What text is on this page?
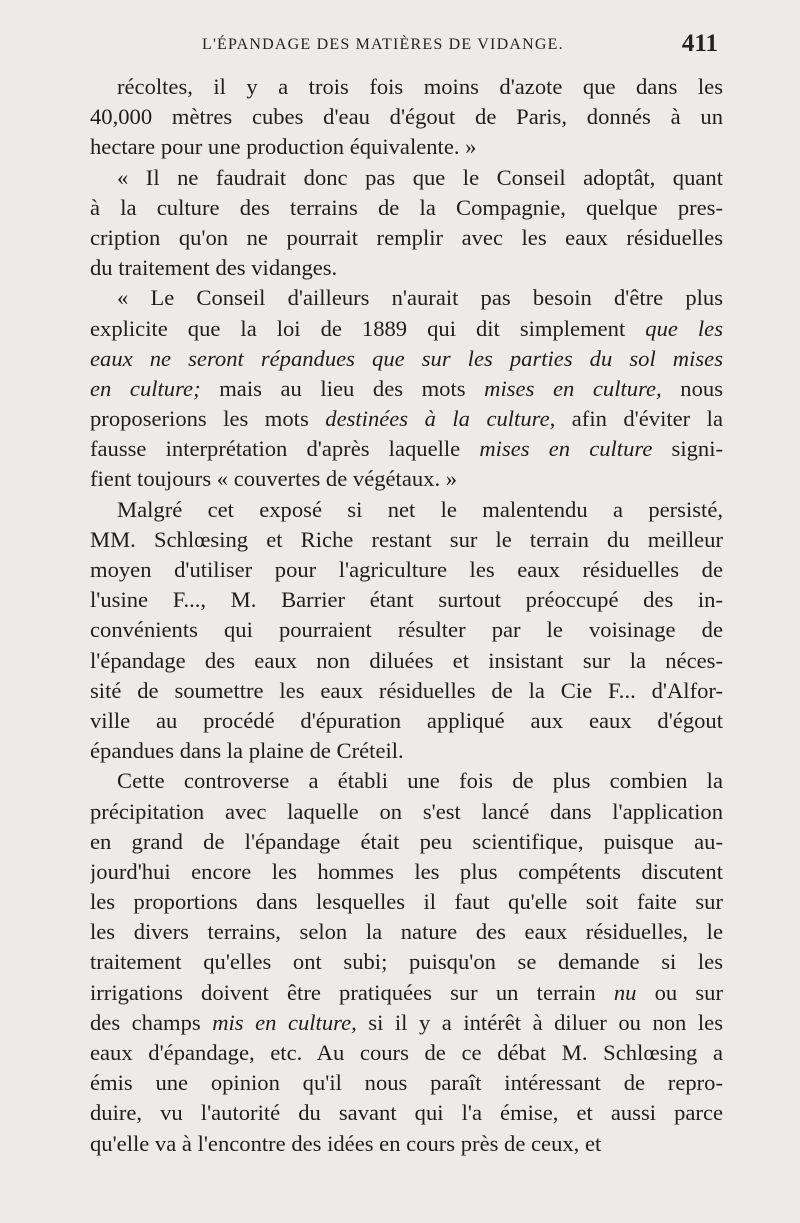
L'ÉPANDAGE DES MATIÈRES DE VIDANGE.	411
récoltes, il y a trois fois moins d'azote que dans les
40,000 mètres cubes d'eau d'égout de Paris, donnés à un
hectare pour une production équivalente. »
« Il ne faudrait donc pas que le Conseil adoptât, quant
à la culture des terrains de la Compagnie, quelque pres-
cription qu'on ne pourrait remplir avec les eaux résiduelles
du traitement des vidanges.
« Le Conseil d'ailleurs n'aurait pas besoin d'être plus
explicite que la loi de 1889 qui dit simplement que les
eaux ne seront répandues que sur les parties du sol mises
en culture; mais au lieu des mots mises en culture, nous
proposerions les mots destinées à la culture, afin d'éviter la
fausse interprétation d'après laquelle mises en culture signi-
fient toujours « couvertes de végétaux. »
Malgré cet exposé si net le malentendu a persisté,
MM. Schlœsing et Riche restant sur le terrain du meilleur
moyen d'utiliser pour l'agriculture les eaux résiduelles de
l'usine F..., M. Barrier étant surtout préoccupé des in-
convénients qui pourraient résulter par le voisinage de
l'épandage des eaux non diluées et insistant sur la néces-
sité de soumettre les eaux résiduelles de la Cie F... d'Alfor-
ville au procédé d'épuration appliqué aux eaux d'égout
épandues dans la plaine de Créteil.
Cette controverse a établi une fois de plus combien la
précipitation avec laquelle on s'est lancé dans l'application
en grand de l'épandage était peu scientifique, puisque au-
jourd'hui encore les hommes les plus compétents discutent
les proportions dans lesquelles il faut qu'elle soit faite sur
les divers terrains, selon la nature des eaux résiduelles, le
traitement qu'elles ont subi; puisqu'on se demande si les
irrigations doivent être pratiquées sur un terrain nu ou sur
des champs mis en culture, si il y a intérêt à diluer ou non les
eaux d'épandage, etc. Au cours de ce débat M. Schlœsing a
émis une opinion qu'il nous paraît intéressant de repro-
duire, vu l'autorité du savant qui l'a émise, et aussi parce
qu'elle va à l'encontre des idées en cours près de ceux, et
